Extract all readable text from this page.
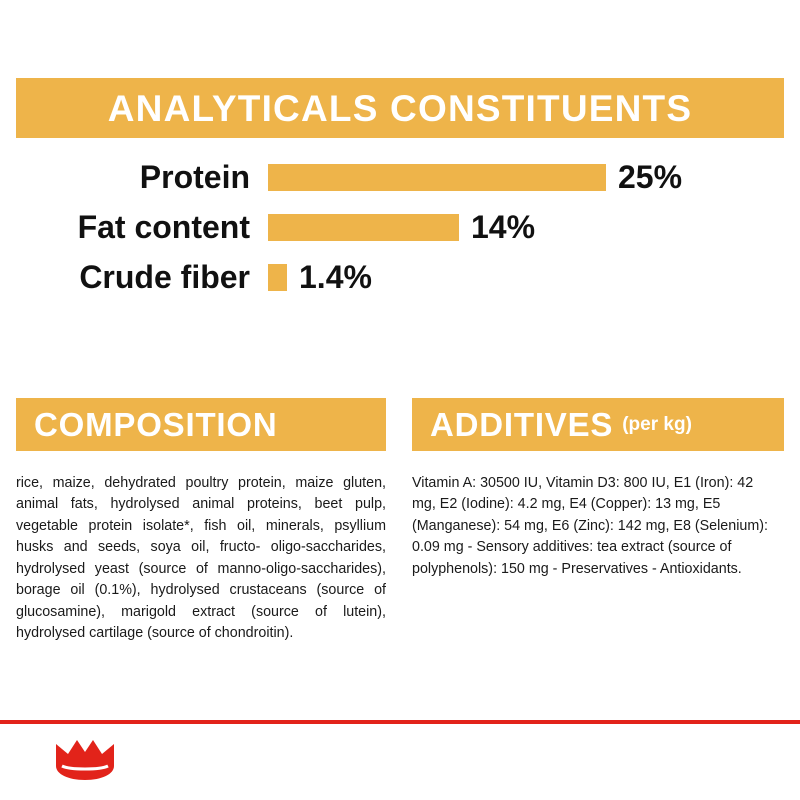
ANALYTICALS CONSTITUENTS
Protein	25%
Fat content	14%
Crude fiber	1.4%
COMPOSITION
rice, maize, dehydrated poultry protein, maize gluten, animal fats, hydrolysed animal proteins, beet pulp, vegetable protein isolate*, fish oil, minerals, psyllium husks and seeds, soya oil, fructo- oligo-saccharides, hydrolysed yeast (source of manno-oligo-saccharides), borage oil (0.1%), hydrolysed crustaceans (source of glucosamine), marigold extract (source of lutein), hydrolysed cartilage (source of chondroitin).
ADDITIVES (per kg)
Vitamin A: 30500 IU, Vitamin D3: 800 IU, E1 (Iron): 42 mg, E2 (Iodine): 4.2 mg, E4 (Copper): 13 mg, E5 (Manganese): 54 mg, E6 (Zinc): 142 mg, E8 (Selenium): 0.09 mg - Sensory additives: tea extract (source of polyphenols): 150 mg - Preservatives - Antioxidants.
